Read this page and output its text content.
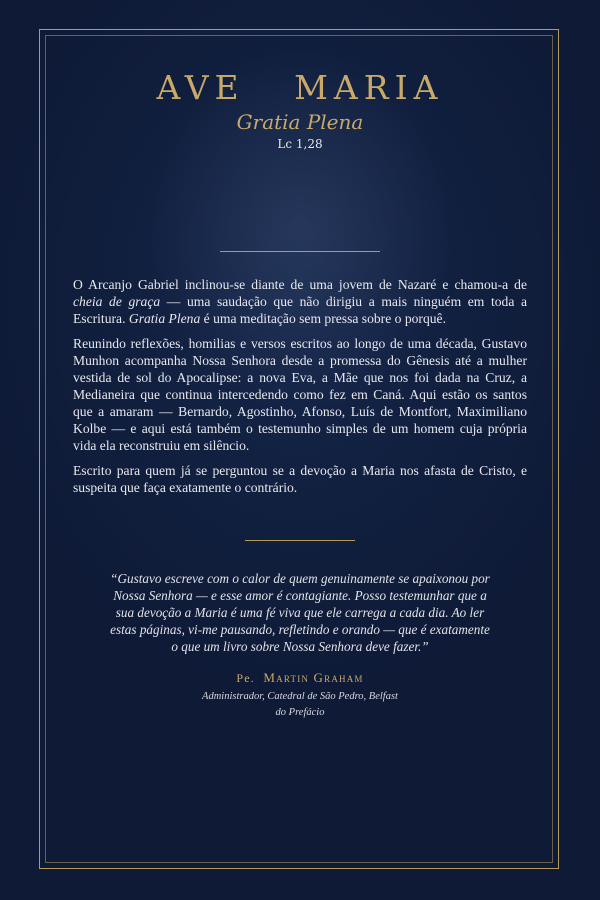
AVE   MARIA
Gratia Plena
Lc 1,28

O Arcanjo Gabriel inclinou-se diante de uma jovem de Nazaré e chamou-a de cheia de graça — uma saudação que não dirigiu a mais ninguém em toda a Escritura. Gratia Plena é uma meditação sem pressa sobre o porquê.

Reunindo reflexões, homilias e versos escritos ao longo de uma década, Gustavo Munhon acompanha Nossa Senhora desde a promessa do Gênesis até a mulher vestida de sol do Apocalipse: a nova Eva, a Mãe que nos foi dada na Cruz, a Medianeira que continua intercedendo como fez em Caná. Aqui estão os santos que a amaram — Bernardo, Agostinho, Afonso, Luís de Montfort, Maximiliano Kolbe — e aqui está também o testemunho simples de um homem cuja própria vida ela reconstruiu em silêncio.

Escrito para quem já se perguntou se a devoção a Maria nos afasta de Cristo, e suspeita que faça exatamente o contrário.

“Gustavo escreve com o calor de quem genuinamente se apaixonou por Nossa Senhora — e esse amor é contagiante. Posso testemunhar que a sua devoção a Maria é uma fé viva que ele carrega a cada dia. Ao ler estas páginas, vi-me pausando, refletindo e orando — que é exatamente o que um livro sobre Nossa Senhora deve fazer.”
Pe. Martin Graham
Administrador, Catedral de São Pedro, Belfast
do Prefácio
